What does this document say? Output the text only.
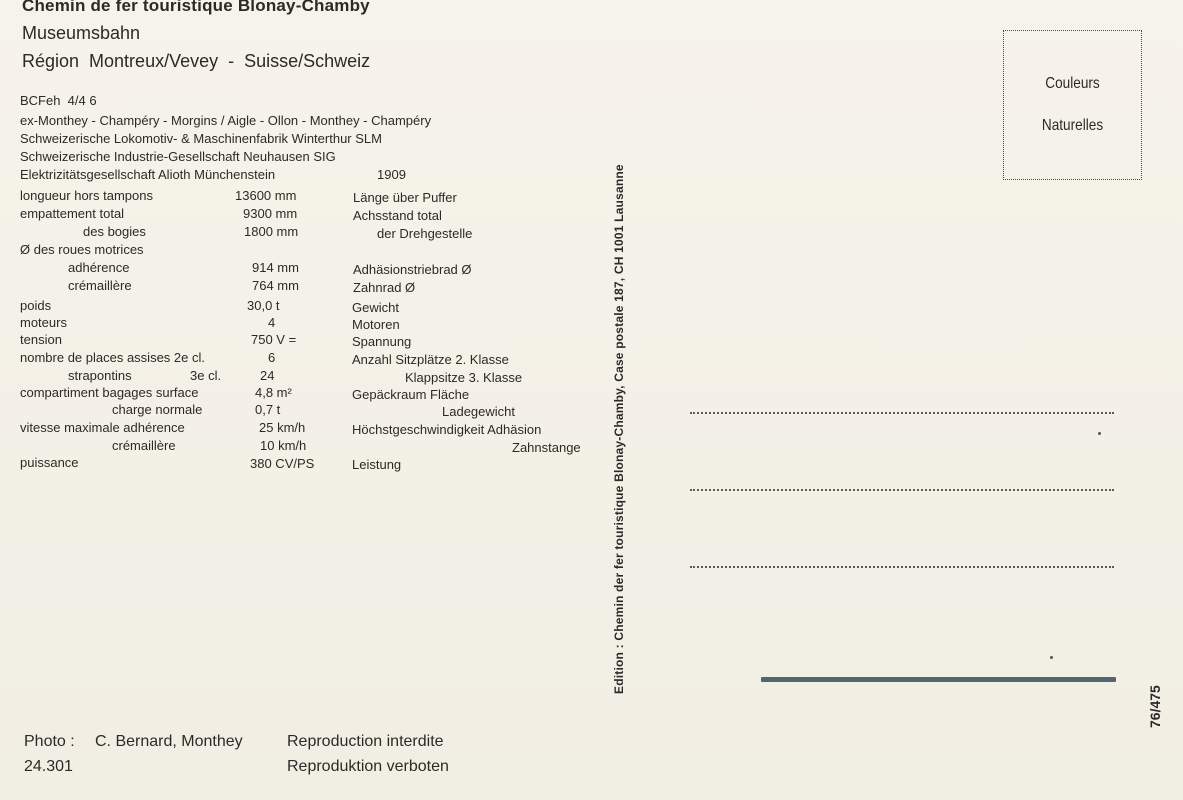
Chemin de fer touristique Blonay-Chamby
Museumsbahn
Région  Montreux/Vevey  -  Suisse/Schweiz
BCFeh  4/4 6
ex-Monthey - Champéry - Morgins / Aigle - Ollon - Monthey - Champéry
Schweizerische Lokomotiv- & Maschinenfabrik Winterthur SLM
Schweizerische Industrie-Gesellschaft Neuhausen SIG
Elektrizitätsgesellschaft Alioth Münchenstein	1909
longueur hors tampons	13600 mm	Länge über Puffer
empattement total	9300 mm	Achsstand total
des bogies	1800 mm	der Drehgestelle
Ø des roues motrices
adhérence	914 mm	Adhäsionstriebrad Ø
crémaillère	764 mm	Zahnrad Ø
poids	30,0 t	Gewicht
moteurs	4	Motoren
tension	750 V =	Spannung
nombre de places assises 2e cl.	6	Anzahl Sitzplätze 2. Klasse
strapontins	3e cl.	24	Klappsitze 3. Klasse
compartiment bagages surface	4,8 m²	Gepäckraum Fläche
charge normale	0,7 t	Ladegewicht
vitesse maximale adhérence	25 km/h	Höchstgeschwindigkeit Adhäsion
crémaillère	10 km/h	Zahnstange
puissance	380 CV/PS	Leistung
Photo : C. Bernard, Monthey
24.301
Reproduction interdite
Reproduktion verboten
Edition : Chemin der fer touristique Blonay-Chamby, Case postale 187, CH 1001 Lausanne
Couleurs
Naturelles
76/475
